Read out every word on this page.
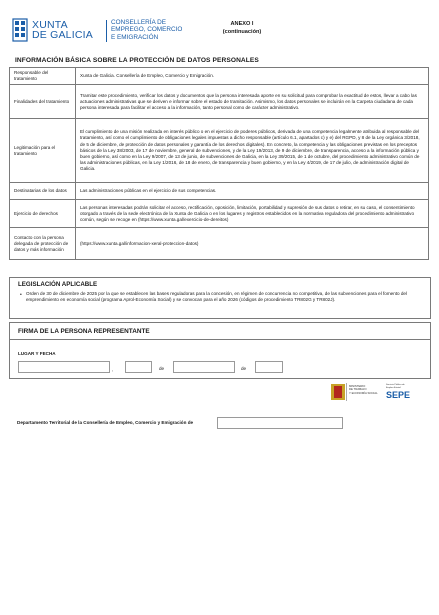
XUNTA
DE GALICIA
CONSELLERÍA DE
EMPREGO, COMERCIO
E EMIGRACIÓN
ANEXO I
(continuación)
INFORMACIÓN BÁSICA SOBRE LA PROTECCIÓN DE DATOS PERSONALES
Responsable del tratamiento	Xunta de Galicia. Consellería de Empleo, Comercio y Emigración.
Finalidades del tratamiento	Tramitar este procedimiento, verificar los datos y documentos que la persona interesada aporte en su solicitud para comprobar la exactitud de estos, llevar a cabo las actuaciones administrativas que se deriven e informar sobre el estado de tramitación. Asimismo, los datos personales se incluirán en la Carpeta ciudadana de cada persona interesada para facilitar el acceso a la información, tanto personal como de carácter administrativo.
Legitimación para el tratamiento	El cumplimiento de una misión realizada en interés público o en el ejercicio de poderes públicos, derivada de una competencia legalmente atribuida al responsable del tratamiento, así como el cumplimiento de obligaciones legales impuestas a dicho responsable (artículo 6.1, apartados c) y e) del RGPD, y 8 de la Ley orgánica 3/2018, de 5 de diciembre, de protección de datos personales y garantía de los derechos digitales). En concreto, la competencia y las obligaciones previstas en los preceptos básicos de la Ley 38/2003, de 17 de noviembre, general de subvenciones, y de la Ley 19/2013, de 9 de diciembre, de transparencia, acceso a la información pública y buen gobierno, así como en la Ley 9/2007, de 13 de junio, de subvenciones de Galicia, en la Ley 39/2015, de 1 de octubre, del procedimiento administrativo común de las administraciones públicas, en la Ley 1/2016, de 18 de enero, de transparencia y buen gobierno, y en la Ley 4/2019, de 17 de julio, de administración digital de Galicia.
Destinatarias de los datos	Las administraciones públicas en el ejercicio de sus competencias.
Ejercicio de derechos	Las personas interesadas podrán solicitar el acceso, rectificación, oposición, limitación, portabilidad y supresión de sus datos o retirar, en su caso, el consentimiento otorgado a través de la sede electrónica de la Xunta de Galicia o en los lugares y registros establecidos en la normativa reguladora del procedimiento administrativo común, según se recoge en (https://www.xunta.gal/exercicio-de-dereitos)
Contacto con la persona delegada de protección de datos y más información	(https://www.xunta.gal/informacion-xeral-proteccion-datos)
LEGISLACIÓN APLICABLE
• Orden de 30 de diciembre de 2025 por la que se establecen las bases reguladoras para la concesión, en régimen de concurrencia no competitiva, de las subvenciones para el fomento del emprendimiento en economía social (programa Aprol-Economía Social) y se convocan para el año 2026 (códigos de procedimiento TR802G y TR802J).
FIRMA DE LA PERSONA REPRESENTANTE
LUGAR Y FECHA
,	de	de
MINISTERIO
DE TRABAJO
Y ECONOMÍA SOCIAL
Servicio Público de Empleo Estatal
SEPE
Departamento Territorial de la Consellería de Empleo, Comercio y Emigración de
